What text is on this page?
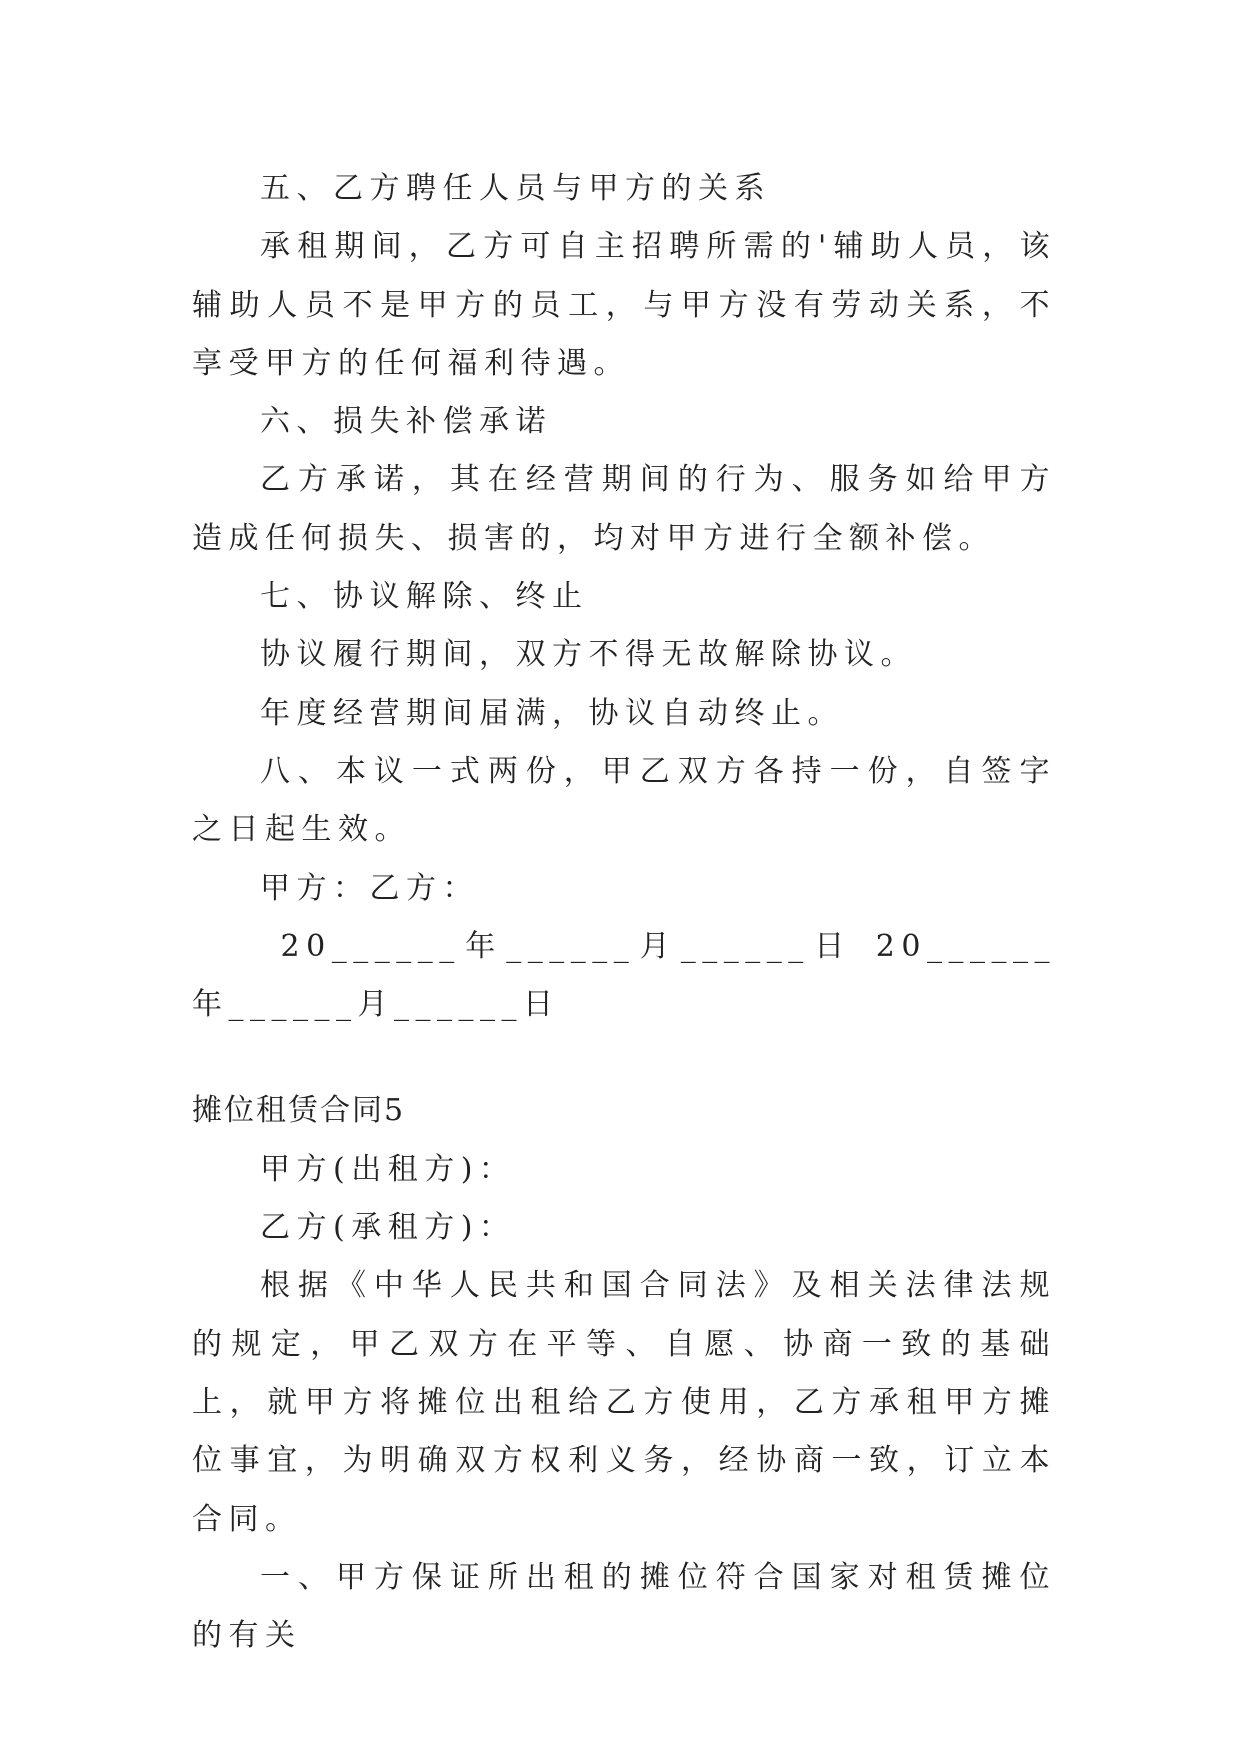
五、乙方聘任人员与甲方的关系

承租期间，乙方可自主招聘所需的'辅助人员，该辅助人员不是甲方的员工，与甲方没有劳动关系，不享受甲方的任何福利待遇。

六、损失补偿承诺

乙方承诺，其在经营期间的行为、服务如给甲方造成任何损失、损害的，均对甲方进行全额补偿。

七、协议解除、终止

协议履行期间，双方不得无故解除协议。

年度经营期间届满，协议自动终止。

八、本议一式两份，甲乙双方各持一份，自签字之日起生效。

甲方：乙方：

20______年______月______日 20______年______月______日

摊位租赁合同5

甲方(出租方)：

乙方(承租方)：

根据《中华人民共和国合同法》及相关法律法规的规定，甲乙双方在平等、自愿、协商一致的基础上，就甲方将摊位出租给乙方使用，乙方承租甲方摊位事宜，为明确双方权利义务，经协商一致，订立本合同。

一、甲方保证所出租的摊位符合国家对租赁摊位的有关
